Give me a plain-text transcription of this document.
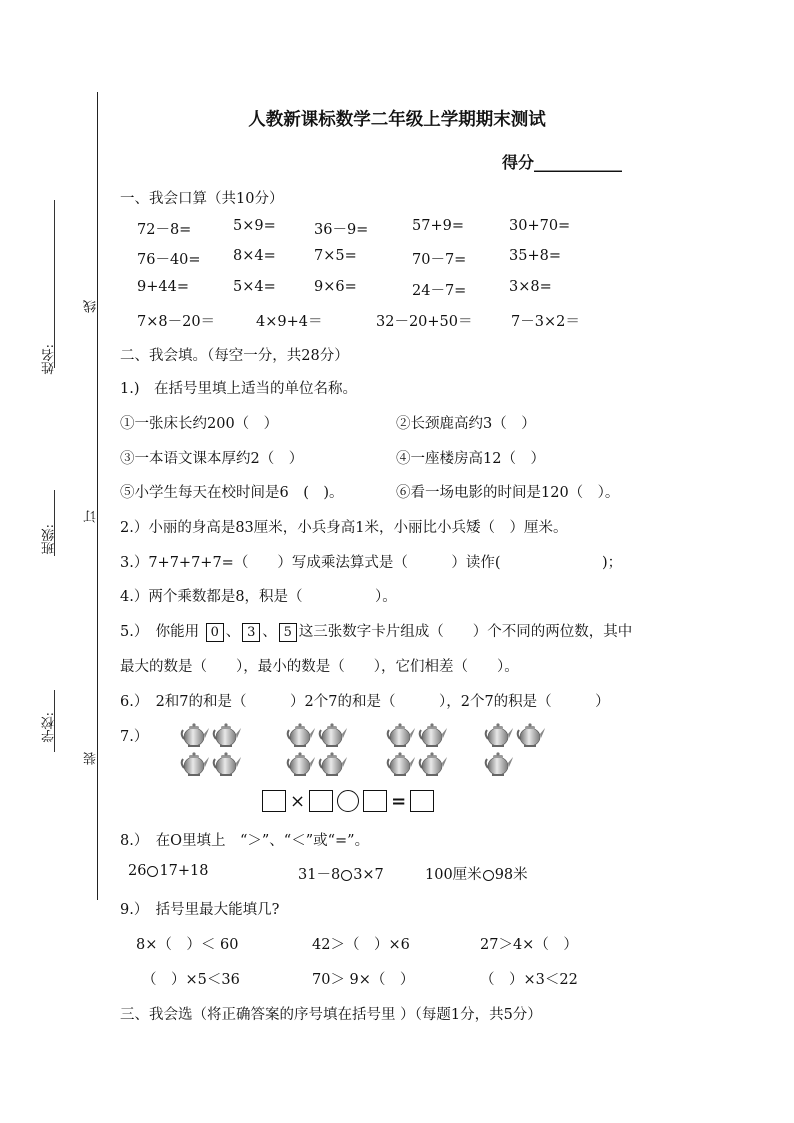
姓名:
班级:
学校:
线
订
装
人教新课标数学二年级上学期期末测试
得分___________
一、我会口算（共10分）
72－8=	5×9=	36－9=	57+9=	30+70=
76－40= 8×4=	7×5=	70－7=	35+8=
9+44=	5×4=	9×6=	24－7=	3×8=
7×8－20＝	4×9+4＝	32－20+50＝	7－3×2＝
二、我会填。（每空一分，共28分）
1.)　在括号里填上适当的单位名称。
①一张床长约200（　）	②长颈鹿高约3（　）
③一本语文课本厚约2（　）	④一座楼房高12（　）
⑤小学生每天在校时间是6　(　)。	⑥看一场电影的时间是120（　）。
2.）小丽的身高是83厘米，小兵身高1米，小丽比小兵矮（　）厘米。
3.）7+7+7+7=（　　）写成乘法算式是（　　　）读作(　　　　　　　)；
4.）两个乘数都是8，积是（　　　　　）。
5.）　你能用 0 、 3 、 5 这三张数字卡片组成（　　）个不同的两位数，其中
最大的数是（　　），最小的数是（　　），它们相差（　　）。
6.）　2和7的和是（　　　）2个7的和是（　　　），2个7的积是（　　　）
7.）
×	=
8.）　在O里填上　“＞”、“＜”或“=”。
26 17+18	31－8 3×7	100厘米 98米
9.）　括号里最大能填几?
8×（　）＜ 60	42＞（　）×6	27＞4×（　）
（　）×5＜36	70＞ 9×（　）	（　）×3＜22
三、我会选（将正确答案的序号填在括号里 ）（每题1分，共5分）
